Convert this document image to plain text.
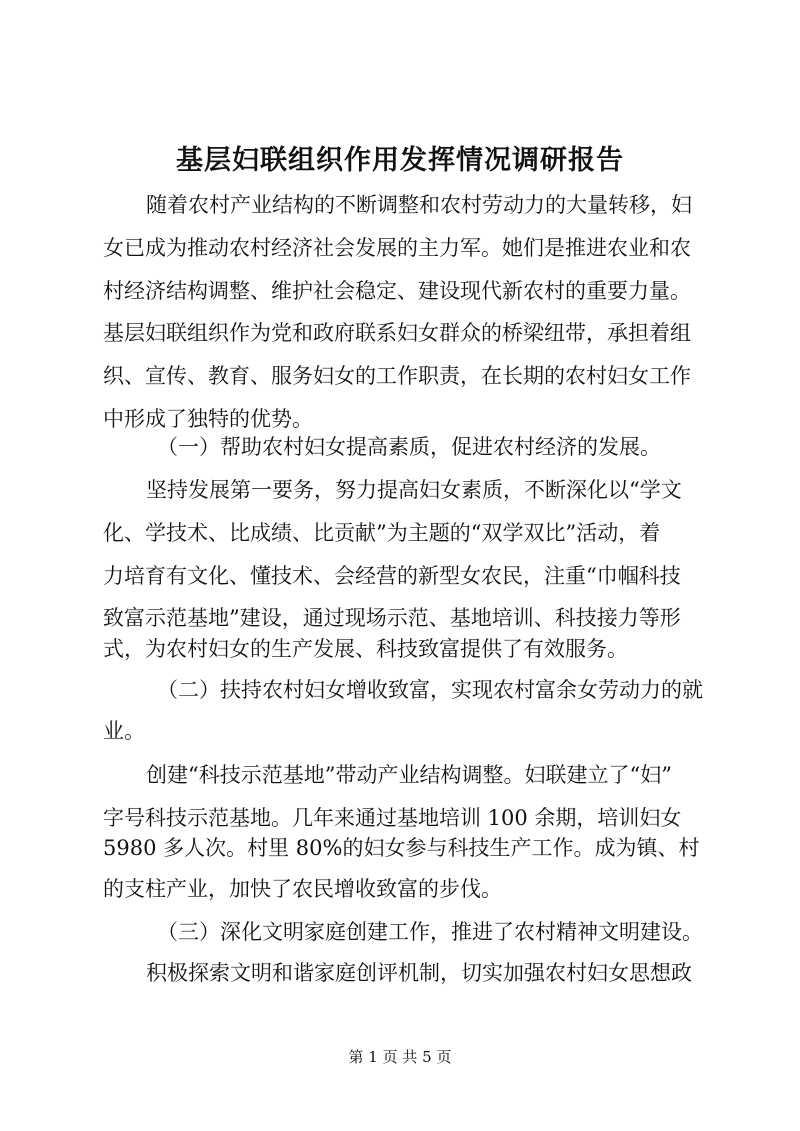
基层妇联组织作用发挥情况调研报告
随着农村产业结构的不断调整和农村劳动力的大量转移，妇
女已成为推动农村经济社会发展的主力军。她们是推进农业和农
村经济结构调整、维护社会稳定、建设现代新农村的重要力量。
基层妇联组织作为党和政府联系妇女群众的桥梁纽带，承担着组
织、宣传、教育、服务妇女的工作职责，在长期的农村妇女工作
中形成了独特的优势。
（一）帮助农村妇女提高素质，促进农村经济的发展。
坚持发展第一要务，努力提高妇女素质，不断深化以“学文
化、学技术、比成绩、比贡献”为主题的“双学双比”活动，着
力培育有文化、懂技术、会经营的新型女农民，注重“巾帼科技
致富示范基地”建设，通过现场示范、基地培训、科技接力等形
式，为农村妇女的生产发展、科技致富提供了有效服务。
（二）扶持农村妇女增收致富，实现农村富余女劳动力的就
业。
创建“科技示范基地”带动产业结构调整。妇联建立了“妇”
字号科技示范基地。几年来通过基地培训 100 余期，培训妇女
5980 多人次。村里 80%的妇女参与科技生产工作。成为镇、村
的支柱产业，加快了农民增收致富的步伐。
（三）深化文明家庭创建工作，推进了农村精神文明建设。
积极探索文明和谐家庭创评机制，切实加强农村妇女思想政
第 1 页 共 5 页
